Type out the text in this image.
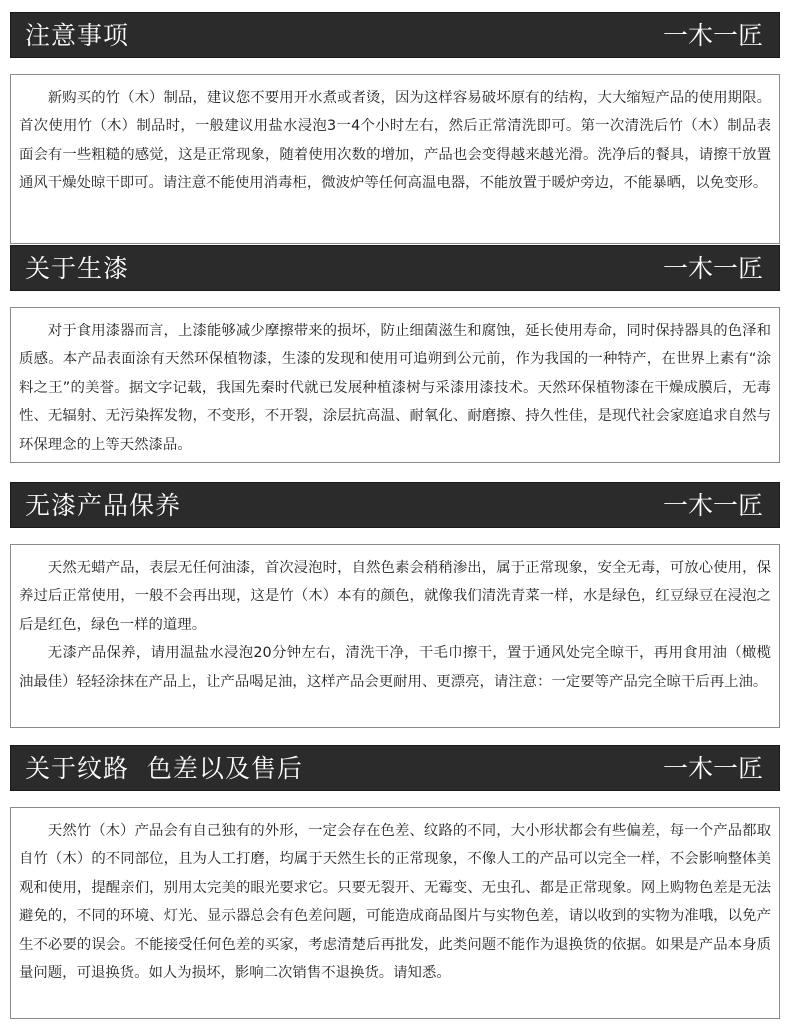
注意事项	一木一匠

新购买的竹（木）制品，建议您不要用开水煮或者烫，因为这样容易破坏原有的结构，大大缩短产品的使用期限。首次使用竹（木）制品时，一般建议用盐水浸泡3一4个小时左右，然后正常清洗即可。第一次清洗后竹（木）制品表面会有一些粗糙的感觉，这是正常现象，随着使用次数的增加，产品也会变得越来越光滑。洗净后的餐具，请擦干放置通风干燥处晾干即可。请注意不能使用消毒柜，微波炉等任何高温电器，不能放置于暖炉旁边，不能暴晒，以免变形。

关于生漆	一木一匠

对于食用漆器而言，上漆能够减少摩擦带来的损坏，防止细菌滋生和腐蚀，延长使用寿命，同时保持器具的色泽和质感。本产品表面涂有天然环保植物漆，生漆的发现和使用可追朔到公元前，作为我国的一种特产，在世界上素有“涂料之王”的美誉。据文字记载，我国先秦时代就已发展种植漆树与采漆用漆技术。天然环保植物漆在干燥成膜后，无毒性、无辐射、无污染挥发物，不变形，不开裂，涂层抗高温、耐氧化、耐磨擦、持久性佳，是现代社会家庭追求自然与环保理念的上等天然漆品。

无漆产品保养	一木一匠

天然无蜡产品，表层无任何油漆，首次浸泡时，自然色素会稍稍渗出，属于正常现象，安全无毒，可放心使用，保养过后正常使用，一般不会再出现，这是竹（木）本有的颜色，就像我们清洗青菜一样，水是绿色，红豆绿豆在浸泡之后是红色，绿色一样的道理。

无漆产品保养，请用温盐水浸泡20分钟左右，清洗干净，干毛巾擦干，置于通风处完全晾干，再用食用油（橄榄油最佳）轻轻涂抹在产品上，让产品喝足油，这样产品会更耐用、更漂亮，请注意：一定要等产品完全晾干后再上油。

关于纹路  色差以及售后	一木一匠

天然竹（木）产品会有自己独有的外形，一定会存在色差、纹路的不同，大小形状都会有些偏差，每一个产品都取自竹（木）的不同部位，且为人工打磨，均属于天然生长的正常现象，不像人工的产品可以完全一样，不会影响整体美观和使用，提醒亲们，别用太完美的眼光要求它。只要无裂开、无霉变、无虫孔、都是正常现象。网上购物色差是无法避免的，不同的环境、灯光、显示器总会有色差问题，可能造成商品图片与实物色差，请以收到的实物为准哦，以免产生不必要的误会。不能接受任何色差的买家，考虑清楚后再批发，此类问题不能作为退换货的依据。如果是产品本身质量问题，可退换货。如人为损坏，影响二次销售不退换货。请知悉。
